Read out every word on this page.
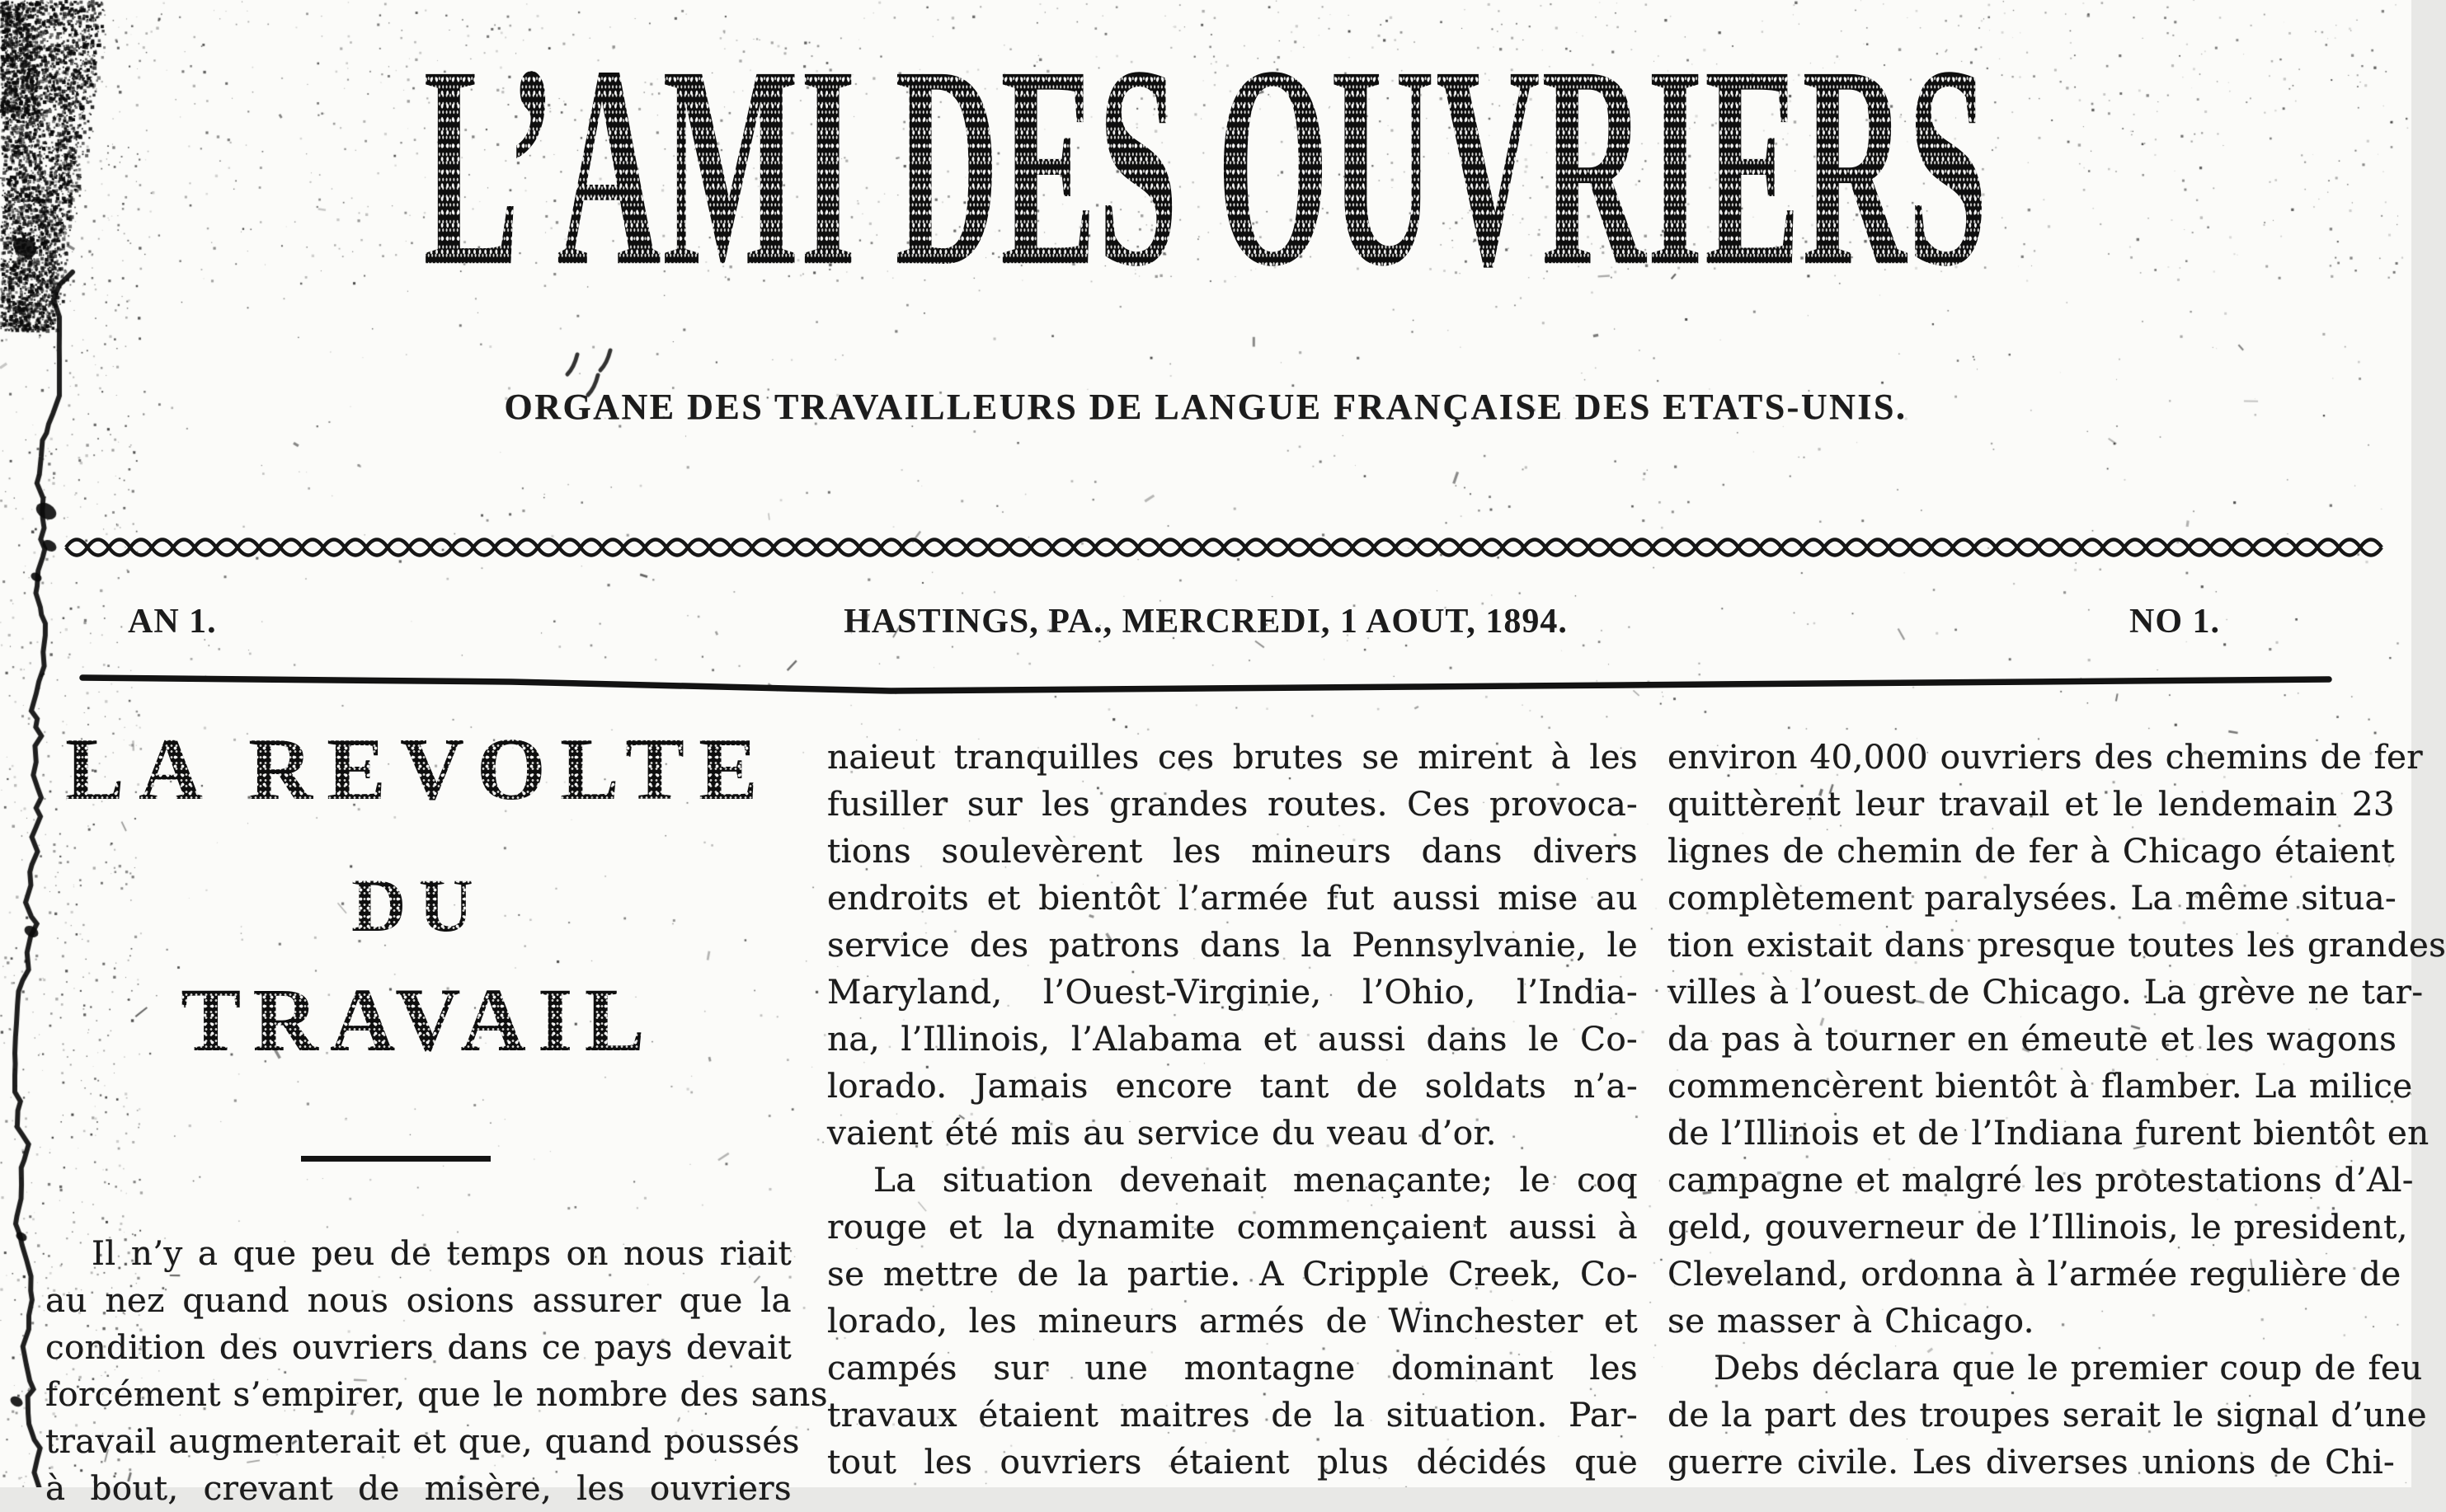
L’AMI DES OUVRIERS
ORGANE DES TRAVAILLEURS DE LANGUE FRANÇAISE DES ETATS-UNIS.
AN 1.	HASTINGS, PA., MERCREDI, 1 AOUT, 1894.	NO 1.
Il n’y a que peu de temps on nous riait
au nez quand nous osions assurer que la
condition des ouvriers dans ce pays devait
forcément s’empirer, que le nombre des sans
travail augmenterait et que, quand poussés
à bout, crevant de misère, les ouvriers
naieut tranquilles ces brutes se mirent à les
fusiller sur les grandes routes. Ces provoca-
tions soulevèrent les mineurs dans divers
endroits et bientôt l’armée fut aussi mise au
service des patrons dans la Pennsylvanie, le
Maryland, l’Ouest-Virginie, l’Ohio, l’India-
na, l’Illinois, l’Alabama et aussi dans le Co-
lorado. Jamais encore tant de soldats n’a-
vaient été mis au service du veau d’or.
La situation devenait menaçante; le coq
rouge et la dynamite commençaient aussi à
se mettre de la partie. A Cripple Creek, Co-
lorado, les mineurs armés de Winchester et
campés sur une montagne dominant les
travaux étaient maitres de la situation. Par-
tout les ouvriers étaient plus décidés que
environ 40,000 ouvriers des chemins de fer
quittèrent leur travail et le lendemain 23
lignes de chemin de fer à Chicago étaient
complètement paralysées. La même situa-
tion existait dans presque toutes les grandes
villes à l’ouest de Chicago. La grève ne tar-
da pas à tourner en émeute et les wagons
commencèrent bientôt à flamber. La milice
de l’Illinois et de l’Indiana furent bientôt en
campagne et malgré les protestations d’Al-
geld, gouverneur de l’Illinois, le president,
Cleveland, ordonna à l’armée regulière de
se masser à Chicago.
Debs déclara que le premier coup de feu
de la part des troupes serait le signal d’une
guerre civile. Les diverses unions de Chi-
